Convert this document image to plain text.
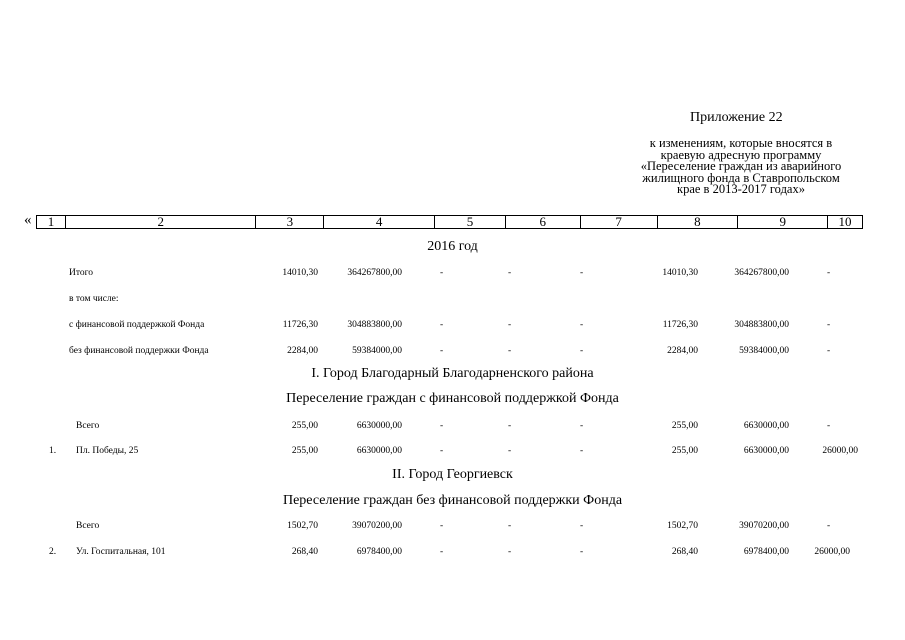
Приложение 22
к изменениям, которые вносятся в
краевую адресную программу
«Переселение граждан из аварийного
жилищного фонда в Ставропольском
крае в 2013-2017 годах»
«	1	2	3	4	5	6	7	8	9	10
2016 год
Итого	14010,30	364267800,00	-	-	-	14010,30	364267800,00	-
в том числе:
с финансовой поддержкой Фонда	11726,30	304883800,00	-	-	-	11726,30	304883800,00	-
без финансовой поддержки Фонда	2284,00	59384000,00	-	-	-	2284,00	59384000,00	-
I. Город Благодарный Благодарненского района
Переселение граждан с финансовой поддержкой Фонда
Всего	255,00	6630000,00	-	-	-	255,00	6630000,00	-
1. Пл. Победы, 25	255,00	6630000,00	-	-	-	255,00	6630000,00	26000,00
II. Город Георгиевск
Переселение граждан без финансовой поддержки Фонда
Всего	1502,70	39070200,00	-	-	-	1502,70	39070200,00	-
2. Ул. Госпитальная, 101	268,40	6978400,00	-	-	-	268,40	6978400,00	26000,00
